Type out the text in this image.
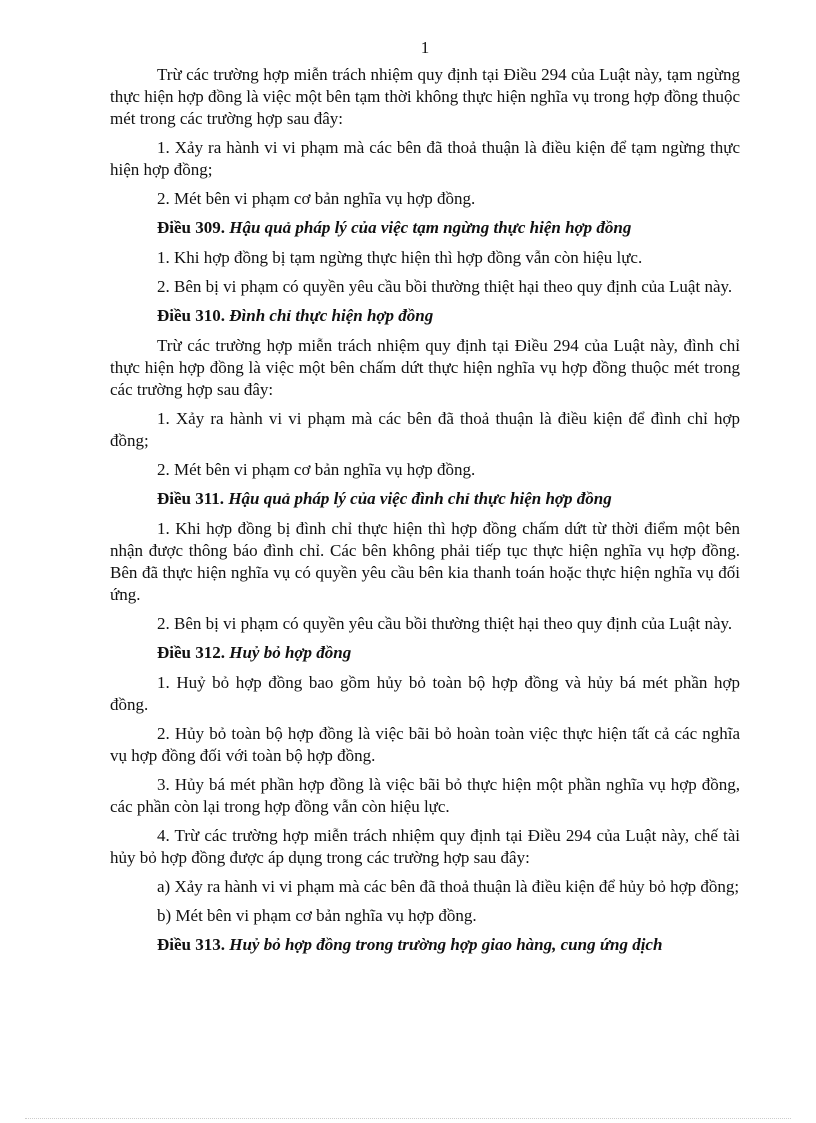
1

Trừ các trường hợp miễn trách nhiệm quy định tại Điều 294 của Luật này, tạm ngừng thực hiện hợp đồng là việc một bên tạm thời không thực hiện nghĩa vụ trong hợp đồng thuộc mét trong các trường hợp sau đây:

1. Xảy ra hành vi vi phạm mà các bên đã thoả thuận là điều kiện để tạm ngừng thực hiện hợp đồng;

2. Mét bên vi phạm cơ bản nghĩa vụ hợp đồng.

Điều 309. Hậu quả pháp lý của việc tạm ngừng thực hiện hợp đồng

1. Khi hợp đồng bị tạm ngừng thực hiện thì hợp đồng vẫn còn hiệu lực.

2. Bên bị vi phạm có quyền yêu cầu bồi thường thiệt hại theo quy định của Luật này.

Điều 310. Đình chỉ thực hiện hợp đồng

Trừ các trường hợp miễn trách nhiệm quy định tại Điều 294 của Luật này, đình chỉ thực hiện hợp đồng là việc một bên chấm dứt thực hiện nghĩa vụ hợp đồng thuộc mét trong các trường hợp sau đây:

1. Xảy ra hành vi vi phạm mà các bên đã thoả thuận là điều kiện để đình chỉ hợp đồng;

2. Mét bên vi phạm cơ bản nghĩa vụ hợp đồng.

Điều 311. Hậu quả pháp lý của việc đình chỉ thực hiện hợp đồng

1. Khi hợp đồng bị đình chỉ thực hiện thì hợp đồng chấm dứt từ thời điểm một bên nhận được thông báo đình chỉ. Các bên không phải tiếp tục thực hiện nghĩa vụ hợp đồng. Bên đã thực hiện nghĩa vụ có quyền yêu cầu bên kia thanh toán hoặc thực hiện nghĩa vụ đối ứng.

2. Bên bị vi phạm có quyền yêu cầu bồi thường thiệt hại theo quy định của Luật này.

Điều 312. Huỷ bỏ hợp đồng

1. Huỷ bỏ hợp đồng bao gồm hủy bỏ toàn bộ hợp đồng và hủy bá mét phần hợp đồng.

2. Hủy bỏ toàn bộ hợp đồng là việc bãi bỏ hoàn toàn việc thực hiện tất cả các nghĩa vụ hợp đồng đối với toàn bộ hợp đồng.

3. Hủy bá mét phần hợp đồng là việc bãi bỏ thực hiện một phần nghĩa vụ hợp đồng, các phần còn lại trong hợp đồng vẫn còn hiệu lực.

4. Trừ các trường hợp miễn trách nhiệm quy định tại Điều 294 của Luật này, chế tài hủy bỏ hợp đồng được áp dụng trong các trường hợp sau đây:

a) Xảy ra hành vi vi phạm mà các bên đã thoả thuận là điều kiện để hủy bỏ hợp đồng;

b) Mét bên vi phạm cơ bản nghĩa vụ hợp đồng.

Điều 313. Huỷ bỏ hợp đồng trong trường hợp giao hàng, cung ứng dịch
